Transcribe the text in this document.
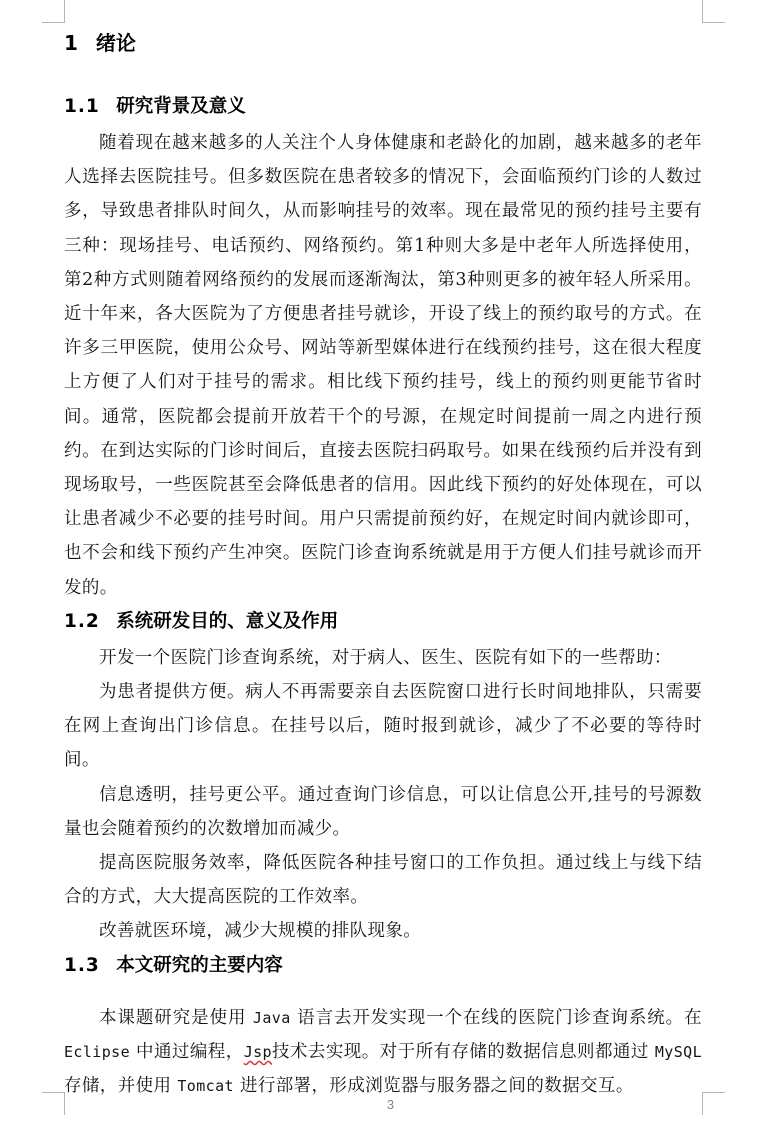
1 绪论
1.1 研究背景及意义

随着现在越来越多的人关注个人身体健康和老龄化的加剧，越来越多的老年人选择去医院挂号。但多数医院在患者较多的情况下，会面临预约门诊的人数过多，导致患者排队时间久，从而影响挂号的效率。现在最常见的预约挂号主要有三种：现场挂号、电话预约、网络预约。第1种则大多是中老年人所选择使用，第2种方式则随着网络预约的发展而逐渐淘汰，第3种则更多的被年轻人所采用。近十年来，各大医院为了方便患者挂号就诊，开设了线上的预约取号的方式。在许多三甲医院，使用公众号、网站等新型媒体进行在线预约挂号，这在很大程度上方便了人们对于挂号的需求。相比线下预约挂号，线上的预约则更能节省时间。通常，医院都会提前开放若干个的号源，在规定时间提前一周之内进行预约。在到达实际的门诊时间后，直接去医院扫码取号。如果在线预约后并没有到现场取号，一些医院甚至会降低患者的信用。因此线下预约的好处体现在，可以让患者减少不必要的挂号时间。用户只需提前预约好，在规定时间内就诊即可，也不会和线下预约产生冲突。医院门诊查询系统就是用于方便人们挂号就诊而开发的。

1.2 系统研发目的、意义及作用

开发一个医院门诊查询系统，对于病人、医生、医院有如下的一些帮助：

为患者提供方便。病人不再需要亲自去医院窗口进行长时间地排队，只需要在网上查询出门诊信息。在挂号以后，随时报到就诊，减少了不必要的等待时间。

信息透明，挂号更公平。通过查询门诊信息，可以让信息公开,挂号的号源数量也会随着预约的次数增加而减少。

提高医院服务效率，降低医院各种挂号窗口的工作负担。通过线上与线下结合的方式，大大提高医院的工作效率。

改善就医环境，减少大规模的排队现象。

1.3 本文研究的主要内容

本课题研究是使用 Java 语言去开发实现一个在线的医院门诊查询系统。在Eclipse 中通过编程，Jsp技术去实现。对于所有存储的数据信息则都通过 MySQL 存储，并使用 Tomcat 进行部署，形成浏览器与服务器之间的数据交互。

3
